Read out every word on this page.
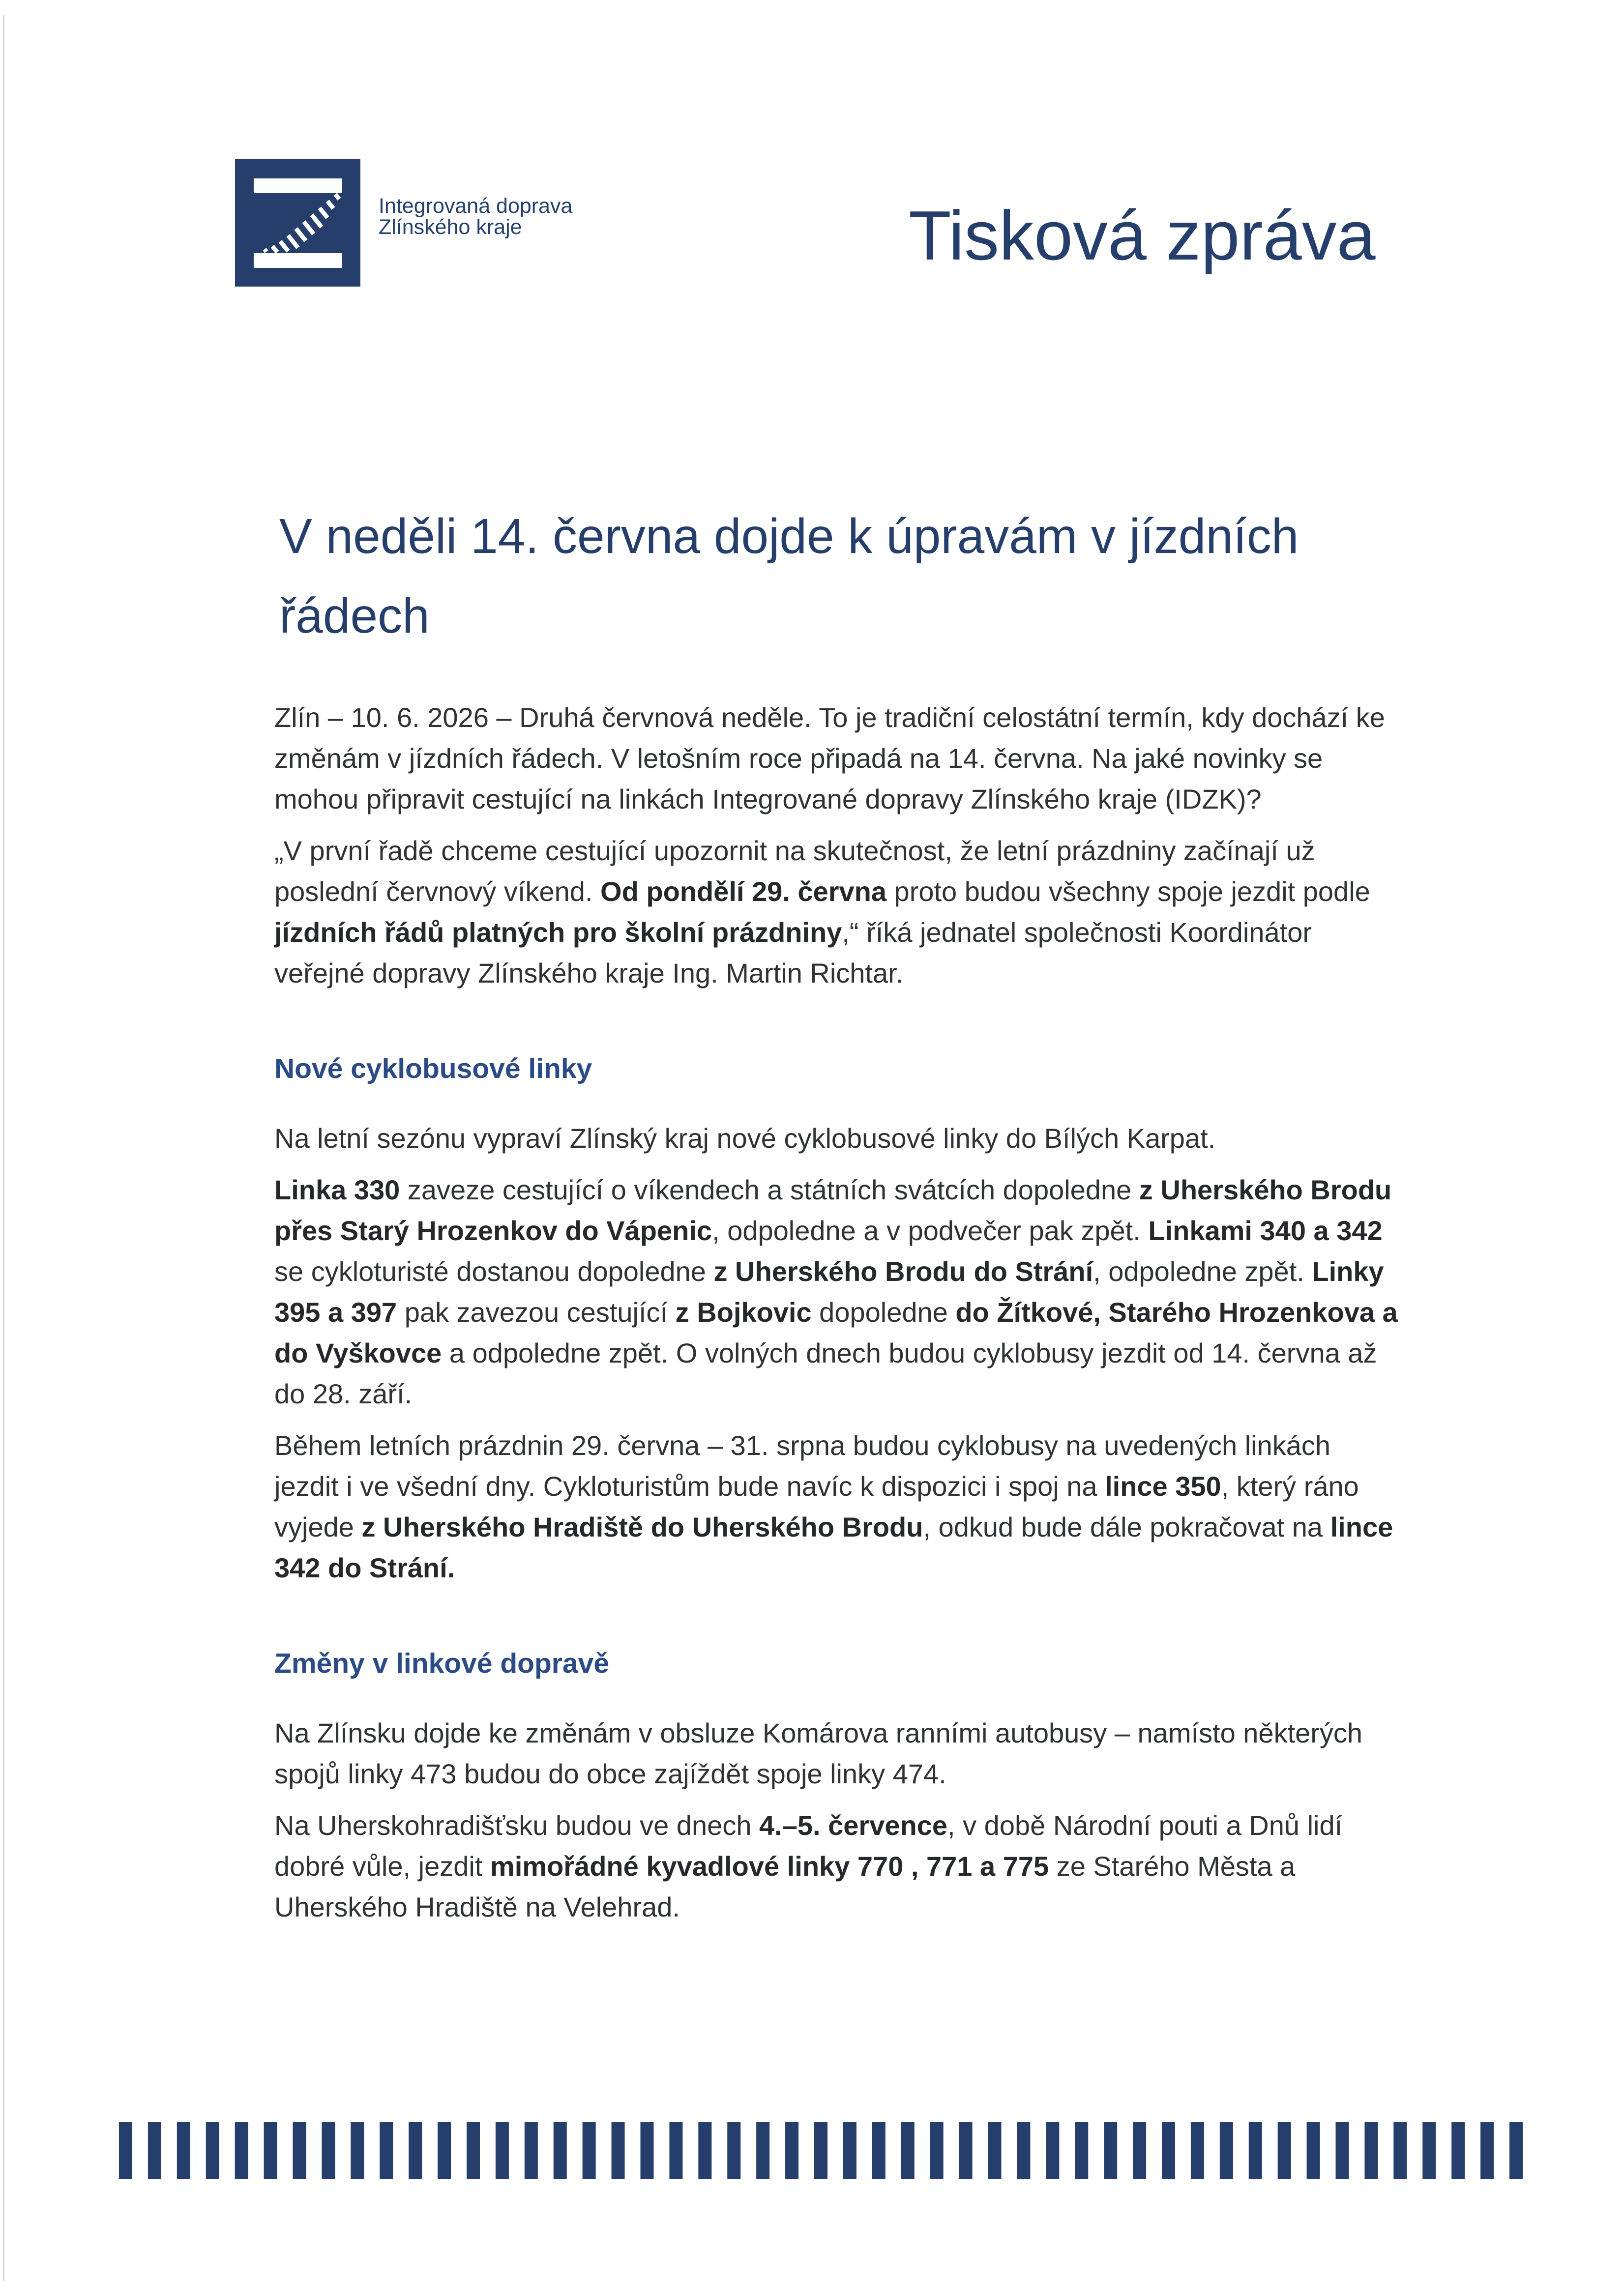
Integrovaná doprava
Zlínského kraje	Tisková zpráva
V neděli 14. června dojde k úpravám v jízdních řádech

Zlín – 10. 6. 2026 – Druhá červnová neděle. To je tradiční celostátní termín, kdy dochází ke změnám v jízdních řádech. V letošním roce připadá na 14. června. Na jaké novinky se mohou připravit cestující na linkách Integrované dopravy Zlínského kraje (IDZK)?

„V první řadě chceme cestující upozornit na skutečnost, že letní prázdniny začínají už poslední červnový víkend. Od pondělí 29. června proto budou všechny spoje jezdit podle jízdních řádů platných pro školní prázdniny,“ říká jednatel společnosti Koordinátor veřejné dopravy Zlínského kraje Ing. Martin Richtar.

Nové cyklobusové linky

Na letní sezónu vypraví Zlínský kraj nové cyklobusové linky do Bílých Karpat.

Linka 330 zaveze cestující o víkendech a státních svátcích dopoledne z Uherského Brodu přes Starý Hrozenkov do Vápenic, odpoledne a v podvečer pak zpět. Linkami 340 a 342 se cykloturisté dostanou dopoledne z Uherského Brodu do Strání, odpoledne zpět. Linky 395 a 397 pak zavezou cestující z Bojkovic dopoledne do Žítkové, Starého Hrozenkova a do Vyškovce a odpoledne zpět. O volných dnech budou cyklobusy jezdit od 14. června až do 28. září.

Během letních prázdnin 29. června – 31. srpna budou cyklobusy na uvedených linkách jezdit i ve všední dny. Cykloturistům bude navíc k dispozici i spoj na lince 350, který ráno vyjede z Uherského Hradiště do Uherského Brodu, odkud bude dále pokračovat na lince 342 do Strání.

Změny v linkové dopravě

Na Zlínsku dojde ke změnám v obsluze Komárova ranními autobusy – namísto některých spojů linky 473 budou do obce zajíždět spoje linky 474.

Na Uherskohradišťsku budou ve dnech 4.–5. července, v době Národní pouti a Dnů lidí dobré vůle, jezdit mimořádné kyvadlové linky 770 , 771 a 775 ze Starého Města a Uherského Hradiště na Velehrad.
